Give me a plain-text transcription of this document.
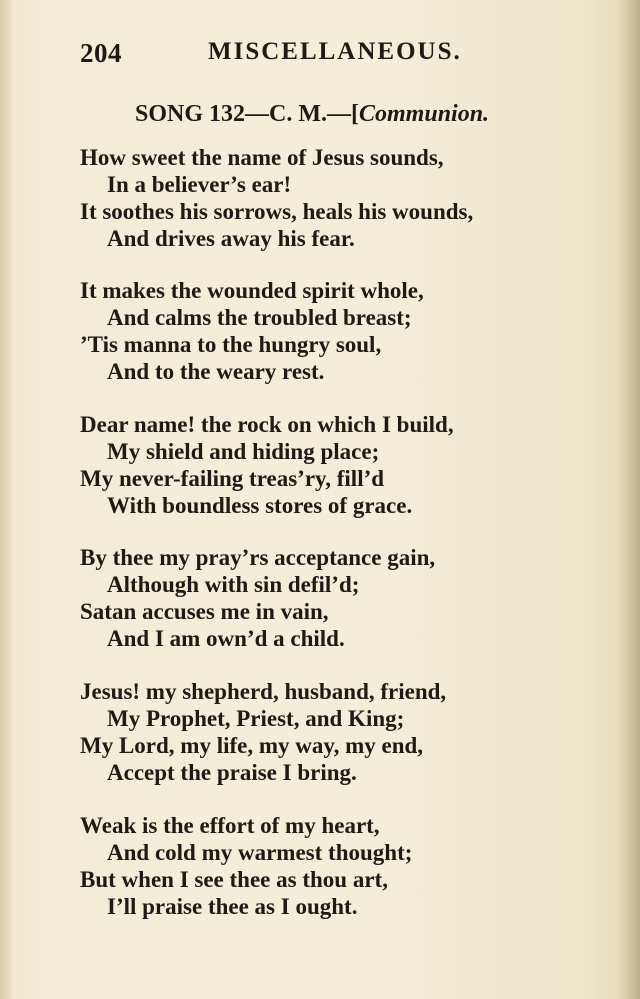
204	MISCELLANEOUS.
SONG 132—C. M.—[Communion.
How sweet the name of Jesus sounds,
In a believer’s ear!
It soothes his sorrows, heals his wounds,
And drives away his fear.
It makes the wounded spirit whole,
And calms the troubled breast;
’Tis manna to the hungry soul,
And to the weary rest.
Dear name! the rock on which I build,
My shield and hiding place;
My never-failing treas’ry, fill’d
With boundless stores of grace.
By thee my pray’rs acceptance gain,
Although with sin defil’d;
Satan accuses me in vain,
And I am own’d a child.
Jesus! my shepherd, husband, friend,
My Prophet, Priest, and King;
My Lord, my life, my way, my end,
Accept the praise I bring.
Weak is the effort of my heart,
And cold my warmest thought;
But when I see thee as thou art,
I’ll praise thee as I ought.
